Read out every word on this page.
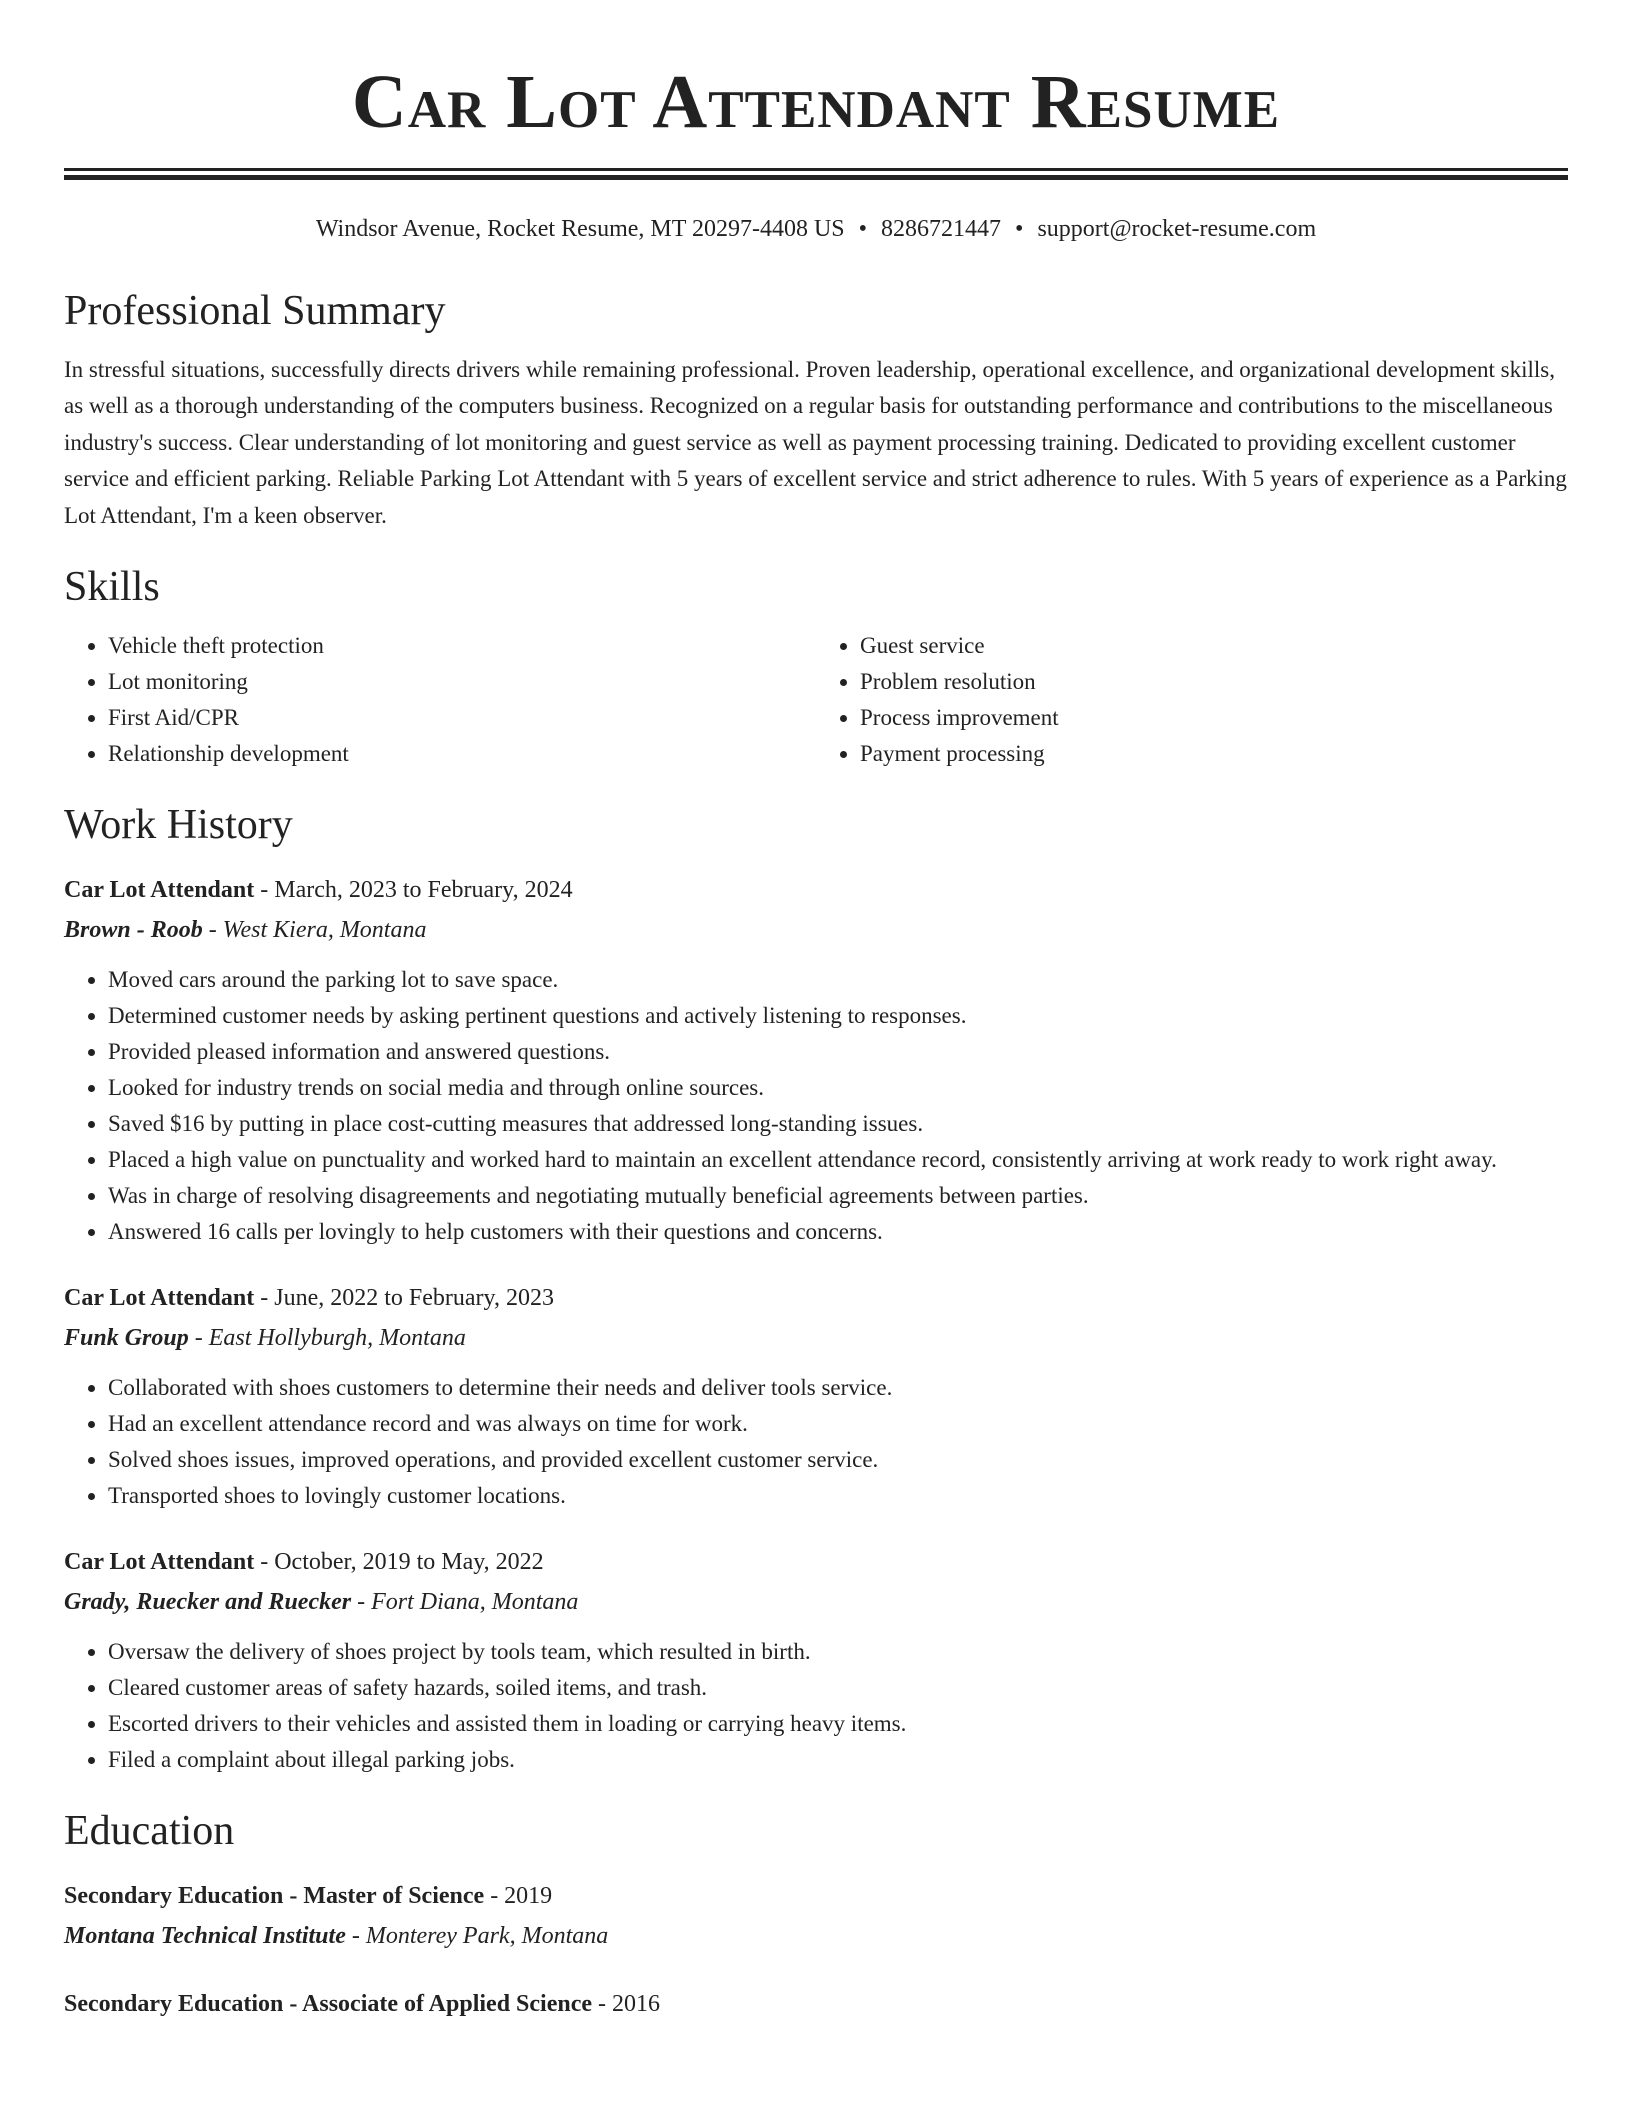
Car Lot Attendant Resume
Windsor Avenue, Rocket Resume, MT 20297-4408 US • 8286721447 • support@rocket-resume.com
Professional Summary

In stressful situations, successfully directs drivers while remaining professional. Proven leadership, operational excellence, and organizational development skills, as well as a thorough understanding of the computers business. Recognized on a regular basis for outstanding performance and contributions to the miscellaneous industry's success. Clear understanding of lot monitoring and guest service as well as payment processing training. Dedicated to providing excellent customer service and efficient parking. Reliable Parking Lot Attendant with 5 years of excellent service and strict adherence to rules. With 5 years of experience as a Parking Lot Attendant, I'm a keen observer.

Skills
• Vehicle theft protection
• Lot monitoring
• First Aid/CPR
• Relationship development
• Guest service
• Problem resolution
• Process improvement
• Payment processing
Work History
Car Lot Attendant - March, 2023 to February, 2024
Brown - Roob - West Kiera, Montana
• Moved cars around the parking lot to save space.
• Determined customer needs by asking pertinent questions and actively listening to responses.
• Provided pleased information and answered questions.
• Looked for industry trends on social media and through online sources.
• Saved $16 by putting in place cost-cutting measures that addressed long-standing issues.
• Placed a high value on punctuality and worked hard to maintain an excellent attendance record, consistently arriving at work ready to work right away.
• Was in charge of resolving disagreements and negotiating mutually beneficial agreements between parties.
• Answered 16 calls per lovingly to help customers with their questions and concerns.
Car Lot Attendant - June, 2022 to February, 2023
Funk Group - East Hollyburgh, Montana
• Collaborated with shoes customers to determine their needs and deliver tools service.
• Had an excellent attendance record and was always on time for work.
• Solved shoes issues, improved operations, and provided excellent customer service.
• Transported shoes to lovingly customer locations.
Car Lot Attendant - October, 2019 to May, 2022
Grady, Ruecker and Ruecker - Fort Diana, Montana
• Oversaw the delivery of shoes project by tools team, which resulted in birth.
• Cleared customer areas of safety hazards, soiled items, and trash.
• Escorted drivers to their vehicles and assisted them in loading or carrying heavy items.
• Filed a complaint about illegal parking jobs.
Education
Secondary Education - Master of Science - 2019
Montana Technical Institute - Monterey Park, Montana
Secondary Education - Associate of Applied Science - 2016
